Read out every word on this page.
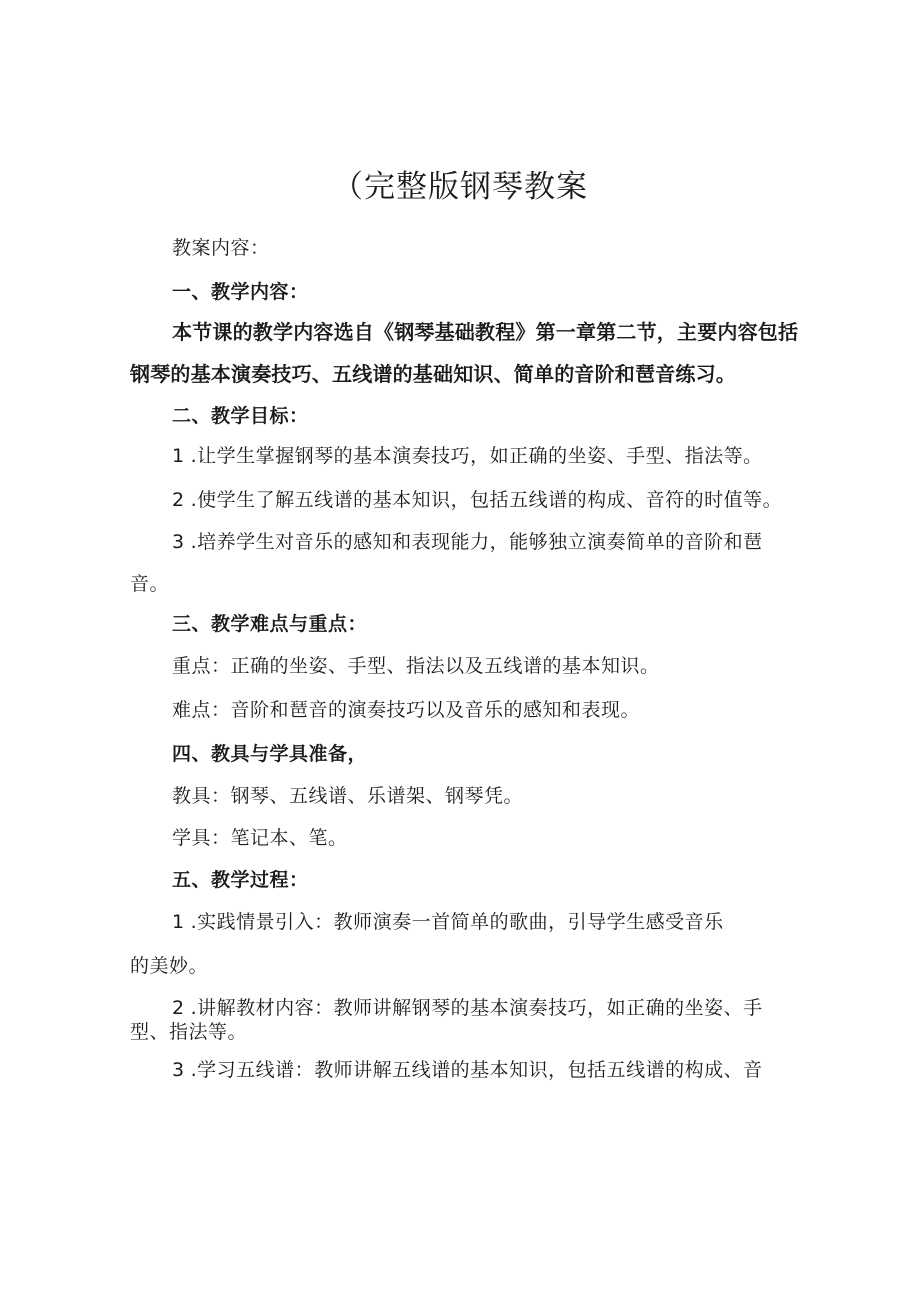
（完整版钢琴教案
教案内容：
一、教学内容：
本节课的教学内容选自《钢琴基础教程》第一章第二节，主要内容包括
钢琴的基本演奏技巧、五线谱的基础知识、简单的音阶和琶音练习。
二、教学目标：
1 .让学生掌握钢琴的基本演奏技巧，如正确的坐姿、手型、指法等。
2 .使学生了解五线谱的基本知识，包括五线谱的构成、音符的时值等。
3 .培养学生对音乐的感知和表现能力，能够独立演奏简单的音阶和琶
音。
三、教学难点与重点：
重点：正确的坐姿、手型、指法以及五线谱的基本知识。
难点：音阶和琶音的演奏技巧以及音乐的感知和表现。
四、教具与学具准备，
教具：钢琴、五线谱、乐谱架、钢琴凭。
学具：笔记本、笔。
五、教学过程：
1 .实践情景引入：教师演奏一首简单的歌曲，引导学生感受音乐
的美妙。
2 .讲解教材内容：教师讲解钢琴的基本演奏技巧，如正确的坐姿、手
型、指法等。
3 .学习五线谱：教师讲解五线谱的基本知识，包括五线谱的构成、音
